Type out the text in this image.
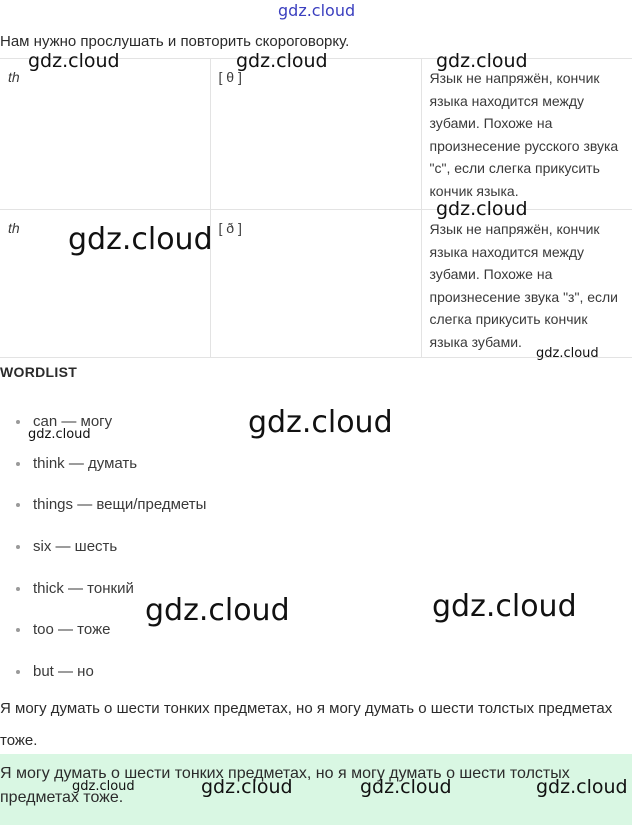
gdz.cloud
Нам нужно прослушать и повторить скороговорку.
th	[ θ ]	Язык не напряжён, кончик языка находится между зубами. Похоже на произнесение русского звука "с", если слегка прикусить кончик языка.

th	[ ð ]	Язык не напряжён, кончик языка находится между зубами. Похоже на произнесение звука "з", если слегка прикусить кончик языка зубами.
WORDLIST
can — могу
think — думать
things — вещи/предметы
six — шесть
thick — тонкий
too — тоже
but — но
Я могу думать о шести тонких предметах, но я могу думать о шести толстых предметах тоже.
Я могу думать о шести тонких предметах, но я могу думать о шести толстых предметах тоже.
gdz.cloud	gdz.cloud	gdz.cloud
gdz.cloud
gdz.cloud
gdz.cloud
gdz.cloud
gdz.cloud
gdz.cloud	gdz.cloud
gdz.cloud	gdz.cloud	gdz.cloud	gdz.cloud
